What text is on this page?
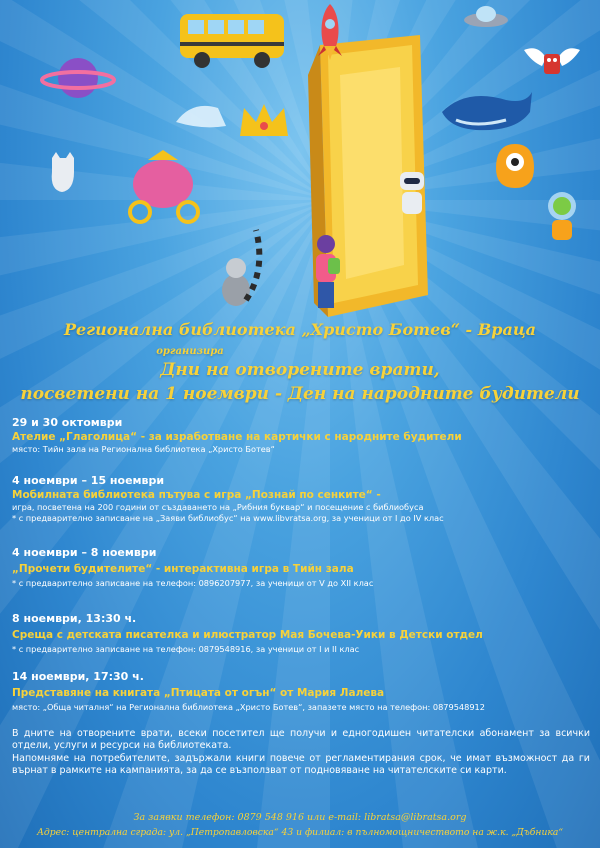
Регионална библиотека „Христо Ботев“ - Враца
организира
Дни на отворените врати,
посветени на 1 ноември - Ден на народните будители
29 и 30 октомври
Ателие „Глаголица“ - за изработване на картички с народните будители
място: Тийн зала на Регионална библиотека „Христо Ботев“
4 ноември – 15 ноември
Мобилната библиотека пътува с игра „Познай по сенките“ -
игра, посветена на 200 години от създаването на „Рибния буквар“ и посещение с библиобуса
* с предварително записване на „Заяви библиобус“ на www.libvratsa.org, за ученици от I до IV клас
4 ноември – 8 ноември
„Прочети будителите“ - интерактивна игра в Тийн зала
* с предварително записване на телефон: 0896207977, за ученици от V до XII клас
8 ноември, 13:30 ч.
Среща с детската писателка и илюстратор Мая Бочева-Уики в Детски отдел
* с предварително записване на телефон: 0879548916, за ученици от I и II клас
14 ноември, 17:30 ч.
Представяне на книгата „Птицата от огън“ от Мария Лалева
място: „Обща читалня“ на Регионална библиотека „Христо Ботев“, запазете място на телефон: 0879548912
В дните на отворените врати, всеки посетител ще получи и едногодишен читателски абонамент за всички отдели, услуги и ресурси на библиотеката.
Напомняме на потребителите, задържали книги повече от регламентирания срок, че имат възможност да ги върнат в рамките на кампанията, за да се възползват от подновяване на читателските си карти.
За заявки телефон: 0879 548 916 или e-mail: libratsa@libratsa.org
Адрес: централна сграда: ул. „Петропавловска“ 43 и филиал: в пълномощничеството на ж.к. „Дъбника“
